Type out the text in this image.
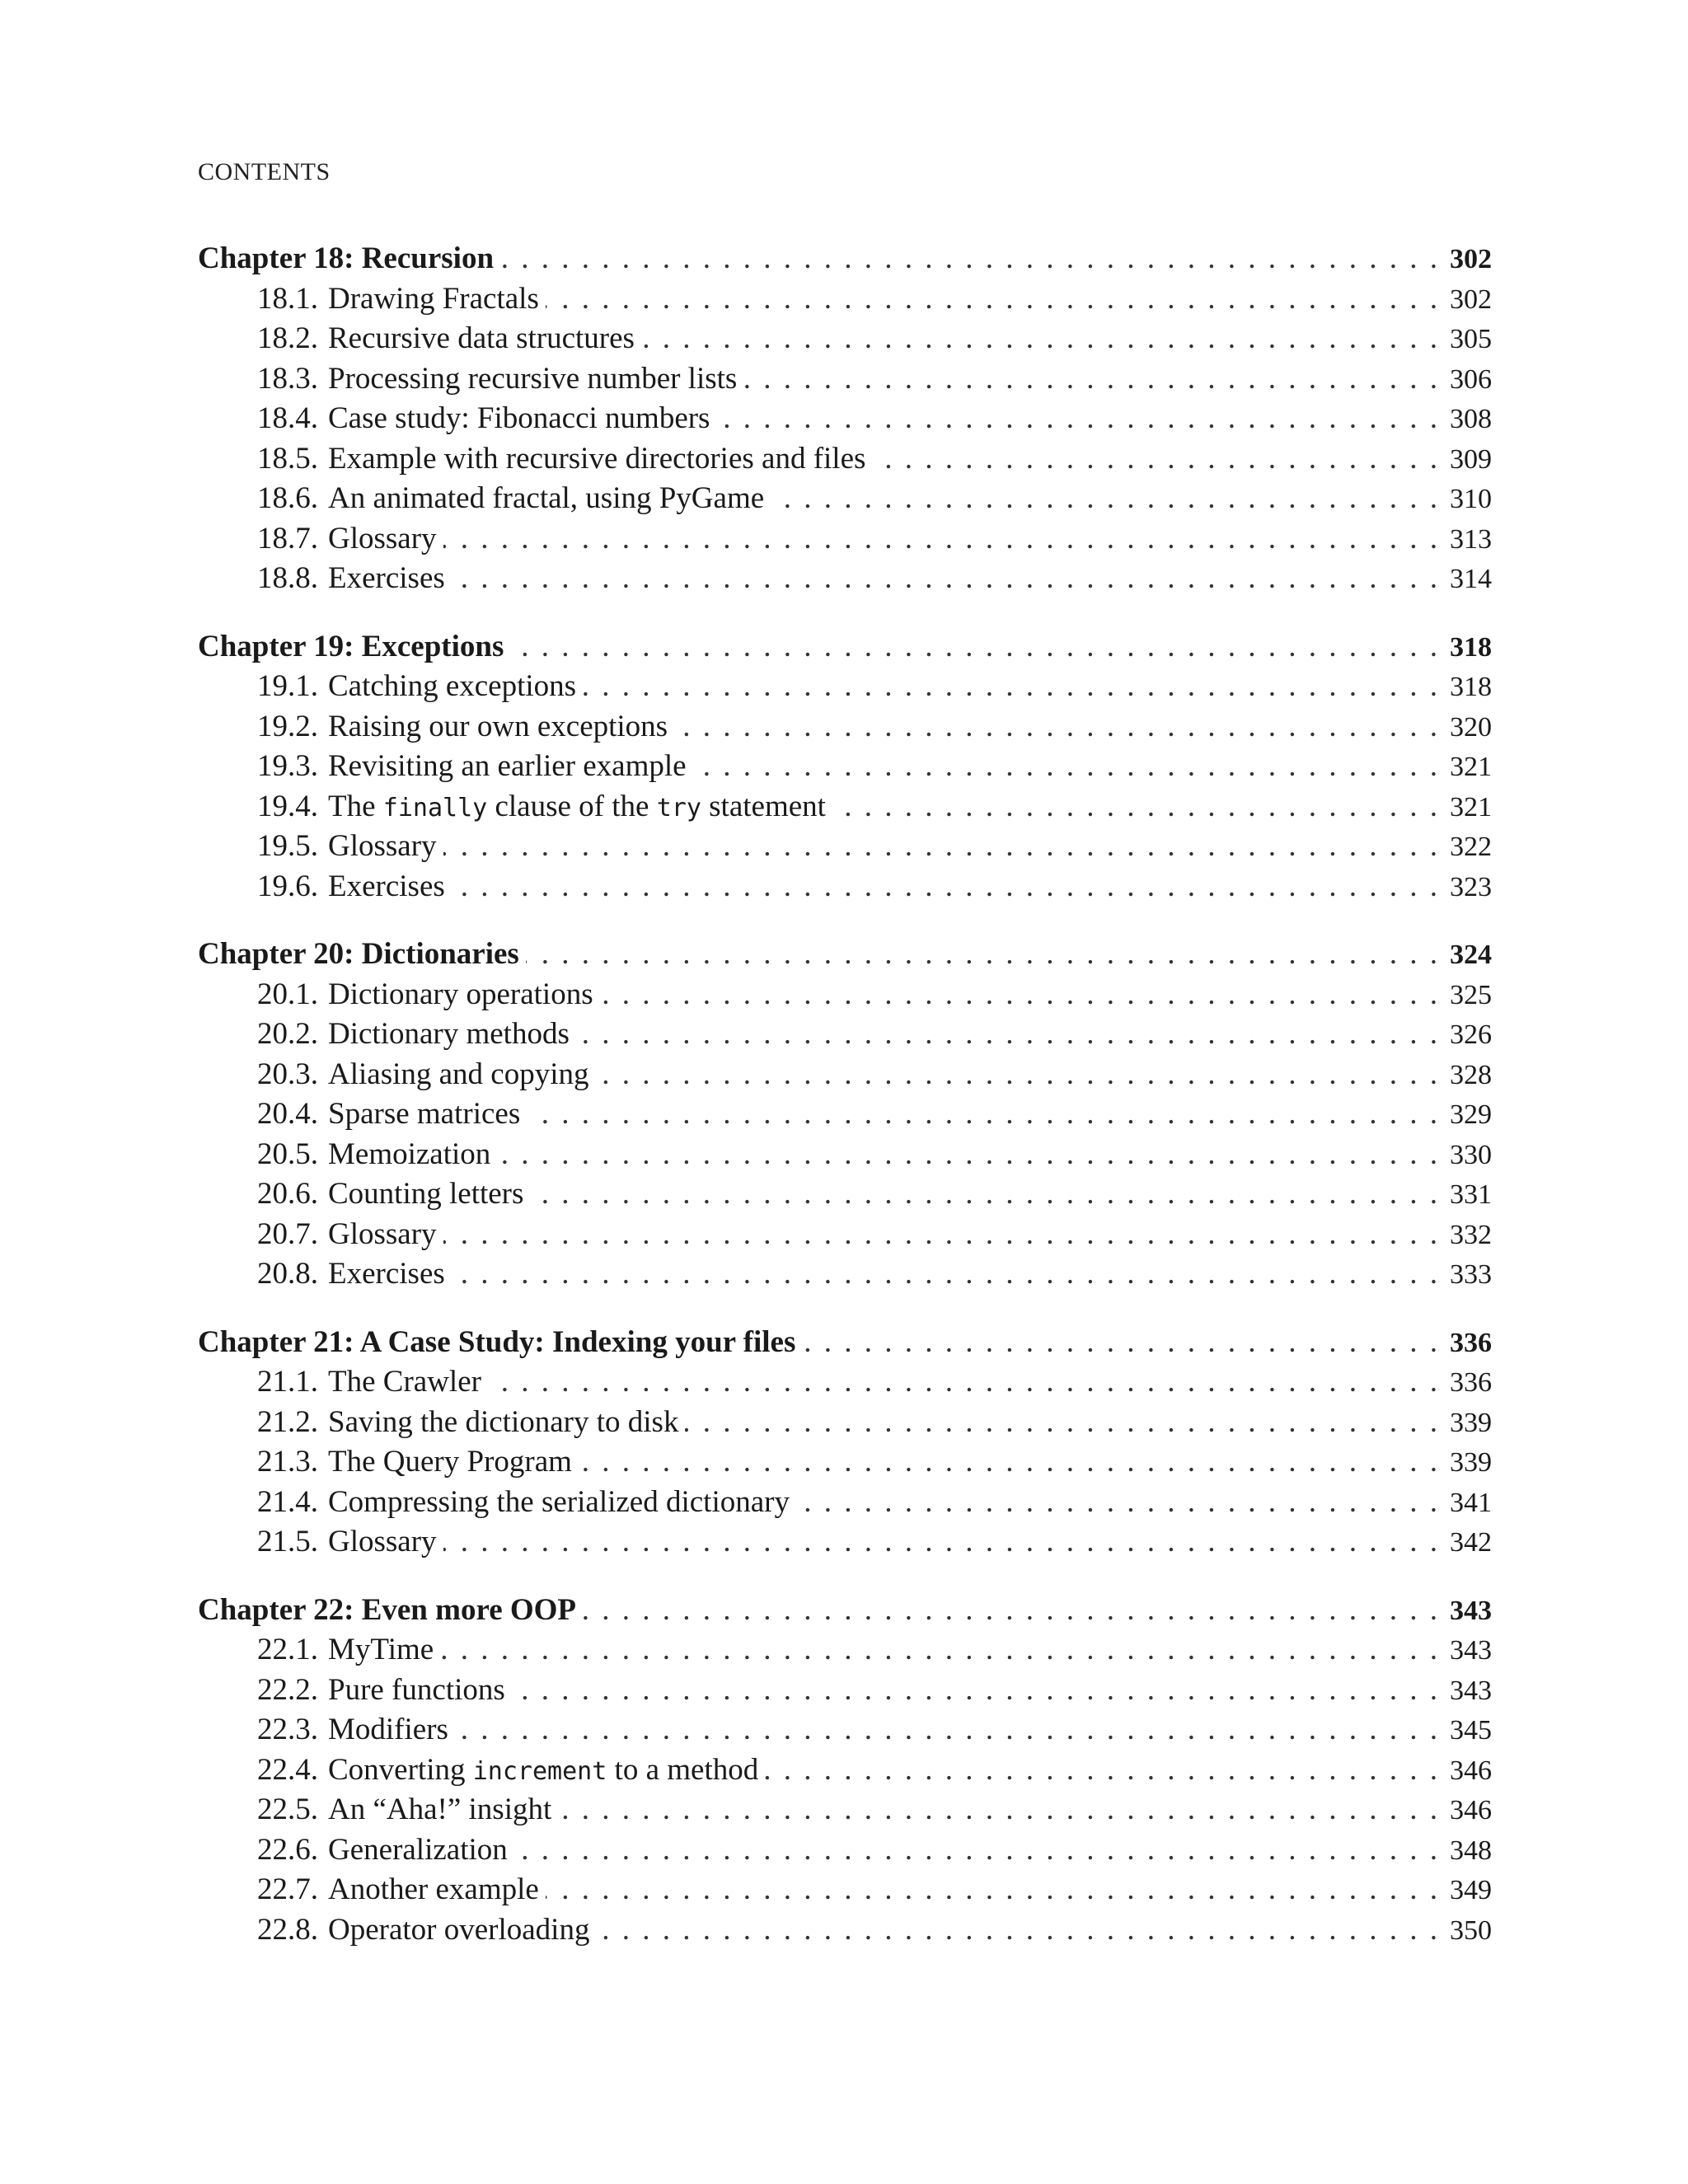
CONTENTS
Chapter 18: Recursion . . .	302
18.1. Drawing Fractals . . .	302
18.2. Recursive data structures . . .	305
18.3. Processing recursive number lists . . .	306
18.4. Case study: Fibonacci numbers . . .	308
18.5. Example with recursive directories and files . . .	309
18.6. An animated fractal, using PyGame . . .	310
18.7. Glossary . . .	313
18.8. Exercises . . .	314
Chapter 19: Exceptions . . .	318
19.1. Catching exceptions . . .	318
19.2. Raising our own exceptions . . .	320
19.3. Revisiting an earlier example . . .	321
19.4. The finally clause of the try statement . . .	321
19.5. Glossary . . .	322
19.6. Exercises . . .	323
Chapter 20: Dictionaries . . .	324
20.1. Dictionary operations . . .	325
20.2. Dictionary methods . . .	326
20.3. Aliasing and copying . . .	328
20.4. Sparse matrices . . .	329
20.5. Memoization . . .	330
20.6. Counting letters . . .	331
20.7. Glossary . . .	332
20.8. Exercises . . .	333
Chapter 21: A Case Study: Indexing your files . . .	336
21.1. The Crawler . . .	336
21.2. Saving the dictionary to disk . . .	339
21.3. The Query Program . . .	339
21.4. Compressing the serialized dictionary . . .	341
21.5. Glossary . . .	342
Chapter 22: Even more OOP . . .	343
22.1. MyTime . . .	343
22.2. Pure functions . . .	343
22.3. Modifiers . . .	345
22.4. Converting increment to a method . . .	346
22.5. An “Aha!” insight . . .	346
22.6. Generalization . . .	348
22.7. Another example . . .	349
22.8. Operator overloading . . .	350
